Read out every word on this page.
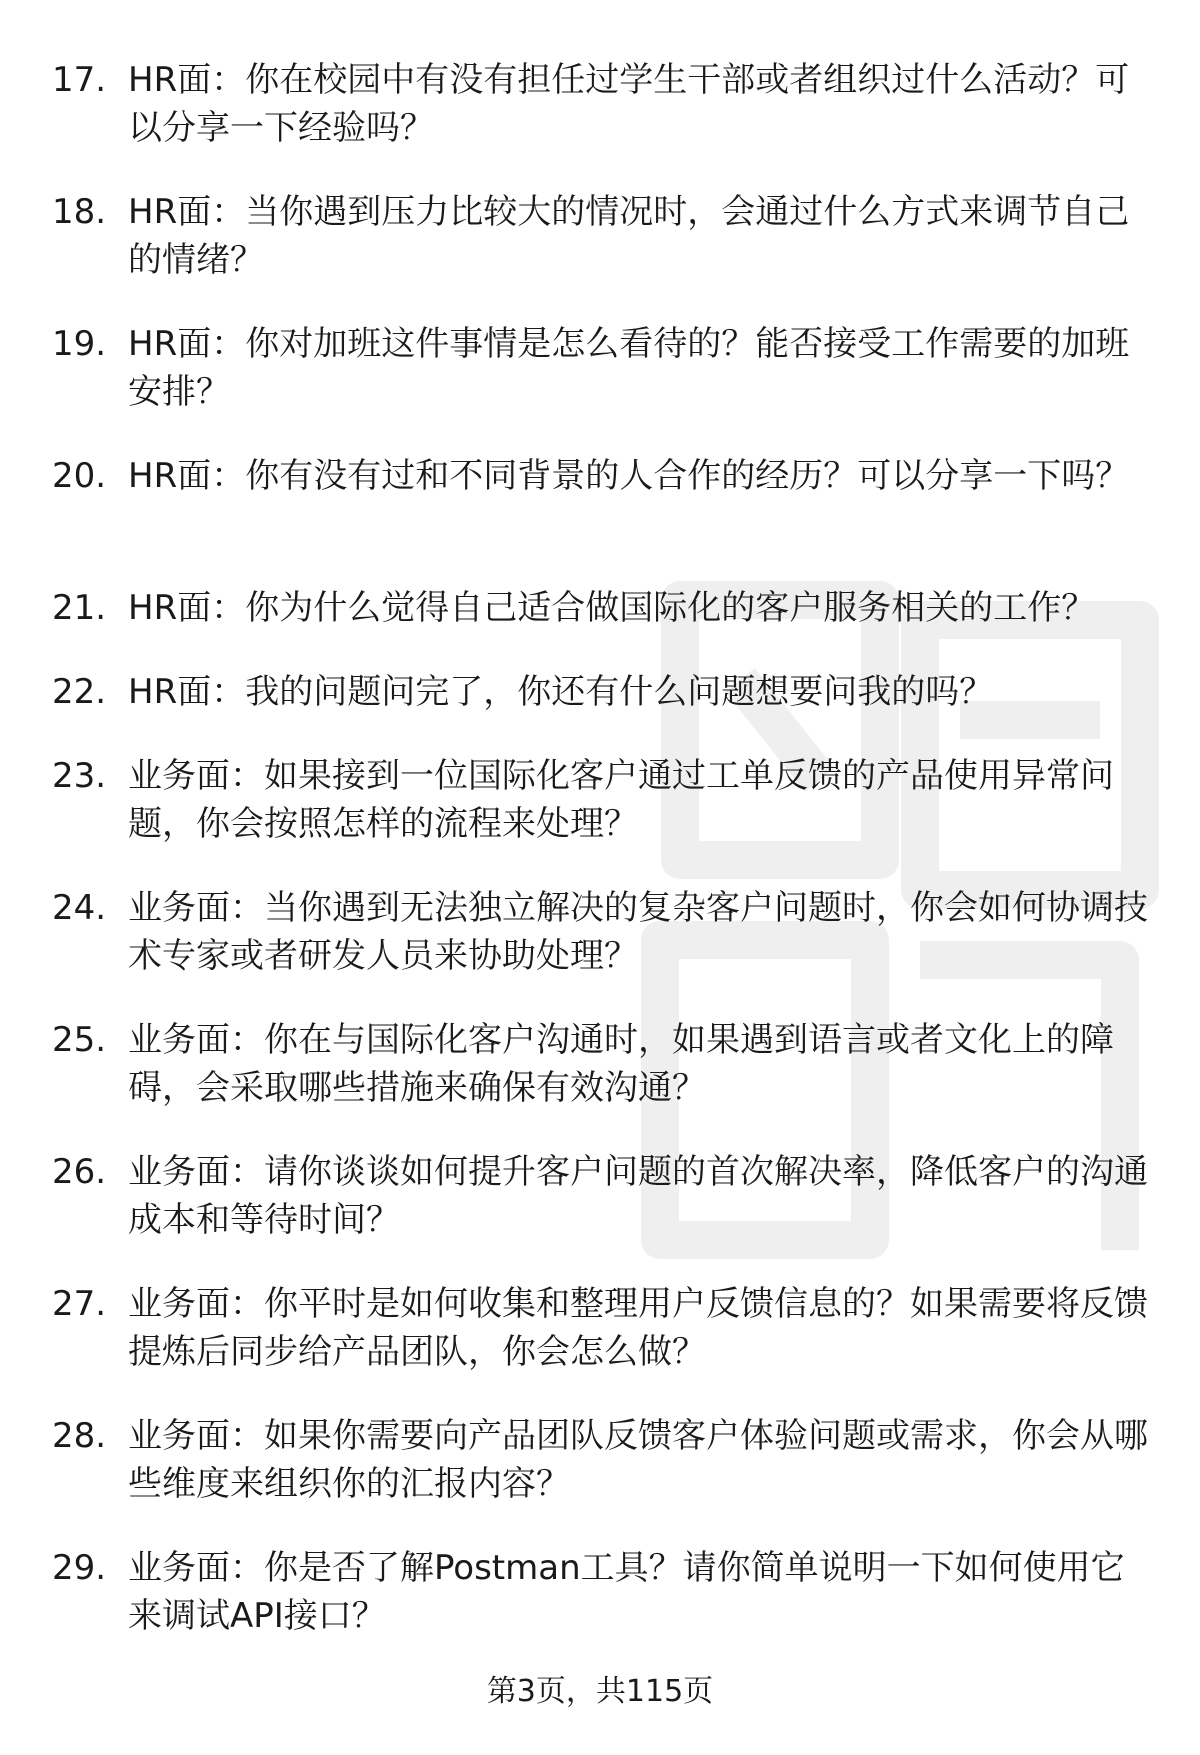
17. HR面：你在校园中有没有担任过学生干部或者组织过什么活动？可以分享一下经验吗？
18. HR面：当你遇到压力比较大的情况时，会通过什么方式来调节自己的情绪？
19. HR面：你对加班这件事情是怎么看待的？能否接受工作需要的加班安排？
20. HR面：你有没有过和不同背景的人合作的经历？可以分享一下吗？
21. HR面：你为什么觉得自己适合做国际化的客户服务相关的工作？
22. HR面：我的问题问完了，你还有什么问题想要问我的吗？
23. 业务面：如果接到一位国际化客户通过工单反馈的产品使用异常问题，你会按照怎样的流程来处理？
24. 业务面：当你遇到无法独立解决的复杂客户问题时，你会如何协调技术专家或者研发人员来协助处理？
25. 业务面：你在与国际化客户沟通时，如果遇到语言或者文化上的障碍，会采取哪些措施来确保有效沟通？
26. 业务面：请你谈谈如何提升客户问题的首次解决率，降低客户的沟通成本和等待时间？
27. 业务面：你平时是如何收集和整理用户反馈信息的？如果需要将反馈提炼后同步给产品团队，你会怎么做？
28. 业务面：如果你需要向产品团队反馈客户体验问题或需求，你会从哪些维度来组织你的汇报内容？
29. 业务面：你是否了解Postman工具？请你简单说明一下如何使用它来调试API接口？
第3页，共115页
